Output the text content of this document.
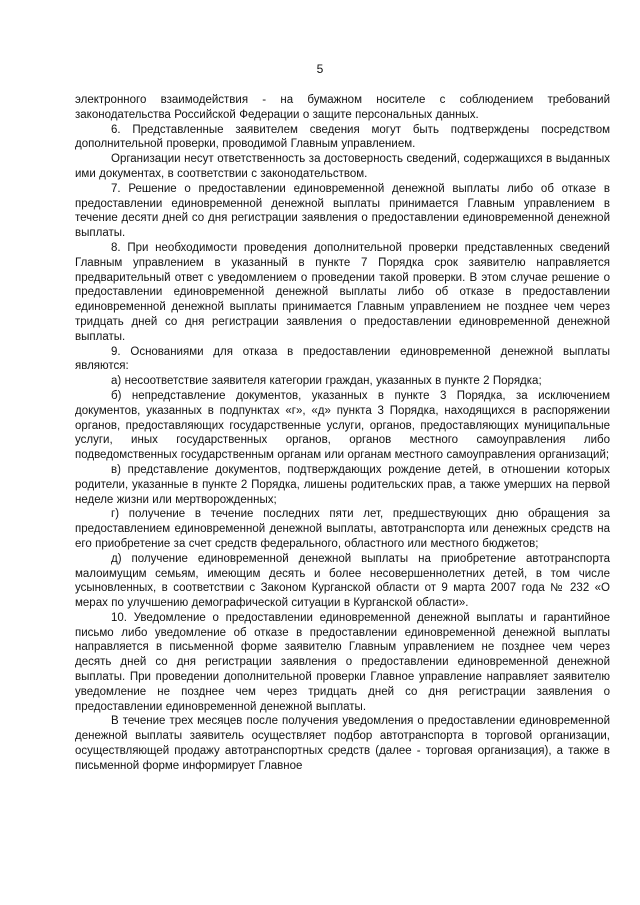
5

электронного взаимодействия - на бумажном носителе с соблюдением требований законодательства Российской Федерации о защите персональных данных.

6. Представленные заявителем сведения могут быть подтверждены посредством дополнительной проверки, проводимой Главным управлением.

Организации несут ответственность за достоверность сведений, содержащихся в выданных ими документах, в соответствии с законодательством.

7. Решение о предоставлении единовременной денежной выплаты либо об отказе в предоставлении единовременной денежной выплаты принимается Главным управлением в течение десяти дней со дня регистрации заявления о предоставлении единовременной денежной выплаты.

8. При необходимости проведения дополнительной проверки представленных сведений Главным управлением в указанный в пункте 7 Порядка срок заявителю направляется предварительный ответ с уведомлением о проведении такой проверки. В этом случае решение о предоставлении единовременной денежной выплаты либо об отказе в предоставлении единовременной денежной выплаты принимается Главным управлением не позднее чем через тридцать дней со дня регистрации заявления о предоставлении единовременной денежной выплаты.

9. Основаниями для отказа в предоставлении единовременной денежной выплаты являются:

а) несоответствие заявителя категории граждан, указанных в пункте 2 Порядка;

б) непредставление документов, указанных в пункте 3 Порядка, за исключением документов, указанных в подпунктах «г», «д» пункта 3 Порядка, находящихся в распоряжении органов, предоставляющих государственные услуги, органов, предоставляющих муниципальные услуги, иных государственных органов, органов местного самоуправления либо подведомственных государственным органам или органам местного самоуправления организаций;

в) представление документов, подтверждающих рождение детей, в отношении которых родители, указанные в пункте 2 Порядка, лишены родительских прав, а также умерших на первой неделе жизни или мертворожденных;

г) получение в течение последних пяти лет, предшествующих дню обращения за предоставлением единовременной денежной выплаты, автотранспорта или денежных средств на его приобретение за счет средств федерального, областного или местного бюджетов;

д) получение единовременной денежной выплаты на приобретение автотранспорта малоимущим семьям, имеющим десять и более несовершеннолетних детей, в том числе усыновленных, в соответствии с Законом Курганской области от 9 марта 2007 года № 232 «О мерах по улучшению демографической ситуации в Курганской области».

10. Уведомление о предоставлении единовременной денежной выплаты и гарантийное письмо либо уведомление об отказе в предоставлении единовременной денежной выплаты направляется в письменной форме заявителю Главным управлением не позднее чем через десять дней со дня регистрации заявления о предоставлении единовременной денежной выплаты. При проведении дополнительной проверки Главное управление направляет заявителю уведомление не позднее чем через тридцать дней со дня регистрации заявления о предоставлении единовременной денежной выплаты.

В течение трех месяцев после получения уведомления о предоставлении единовременной денежной выплаты заявитель осуществляет подбор автотранспорта в торговой организации, осуществляющей продажу автотранспортных средств (далее - торговая организация), а также в письменной форме информирует Главное
